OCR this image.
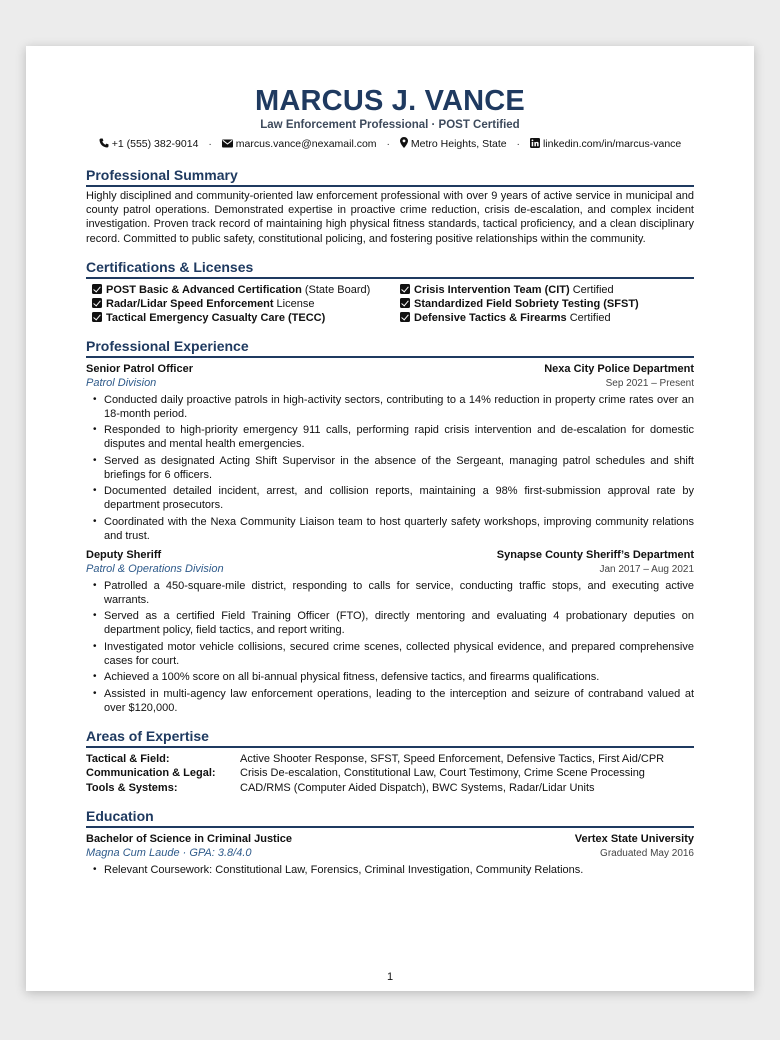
MARCUS J. VANCE
Law Enforcement Professional · POST Certified
+1 (555) 382-9014 · marcus.vance@nexamail.com · Metro Heights, State · linkedin.com/in/marcus-vance
Professional Summary
Highly disciplined and community-oriented law enforcement professional with over 9 years of active service in municipal and county patrol operations. Demonstrated expertise in proactive crime reduction, crisis de-escalation, and complex incident investigation. Proven track record of maintaining high physical fitness standards, tactical proficiency, and a clean disciplinary record. Committed to public safety, constitutional policing, and fostering positive relationships within the community.
Certifications & Licenses
POST Basic & Advanced Certification (State Board)	Crisis Intervention Team (CIT) Certified
Radar/Lidar Speed Enforcement License	Standardized Field Sobriety Testing (SFST)
Tactical Emergency Casualty Care (TECC)	Defensive Tactics & Firearms Certified
Professional Experience
Senior Patrol Officer	Nexa City Police Department
Patrol Division	Sep 2021 – Present
• Conducted daily proactive patrols in high-activity sectors, contributing to a 14% reduction in property crime rates over an 18-month period.
• Responded to high-priority emergency 911 calls, performing rapid crisis intervention and de-escalation for domestic disputes and mental health emergencies.
• Served as designated Acting Shift Supervisor in the absence of the Sergeant, managing patrol schedules and shift briefings for 6 officers.
• Documented detailed incident, arrest, and collision reports, maintaining a 98% first-submission approval rate by department prosecutors.
• Coordinated with the Nexa Community Liaison team to host quarterly safety workshops, improving community relations and trust.
Deputy Sheriff	Synapse County Sheriff’s Department
Patrol & Operations Division	Jan 2017 – Aug 2021
• Patrolled a 450-square-mile district, responding to calls for service, conducting traffic stops, and executing active warrants.
• Served as a certified Field Training Officer (FTO), directly mentoring and evaluating 4 probationary deputies on department policy, field tactics, and report writing.
• Investigated motor vehicle collisions, secured crime scenes, collected physical evidence, and prepared comprehensive cases for court.
• Achieved a 100% score on all bi-annual physical fitness, defensive tactics, and firearms qualifications.
• Assisted in multi-agency law enforcement operations, leading to the interception and seizure of contraband valued at over $120,000.
Areas of Expertise
Tactical & Field:	Active Shooter Response, SFST, Speed Enforcement, Defensive Tactics, First Aid/CPR
Communication & Legal:	Crisis De-escalation, Constitutional Law, Court Testimony, Crime Scene Processing
Tools & Systems:	CAD/RMS (Computer Aided Dispatch), BWC Systems, Radar/Lidar Units
Education
Bachelor of Science in Criminal Justice	Vertex State University
Magna Cum Laude · GPA: 3.8/4.0	Graduated May 2016
• Relevant Coursework: Constitutional Law, Forensics, Criminal Investigation, Community Relations.
1
